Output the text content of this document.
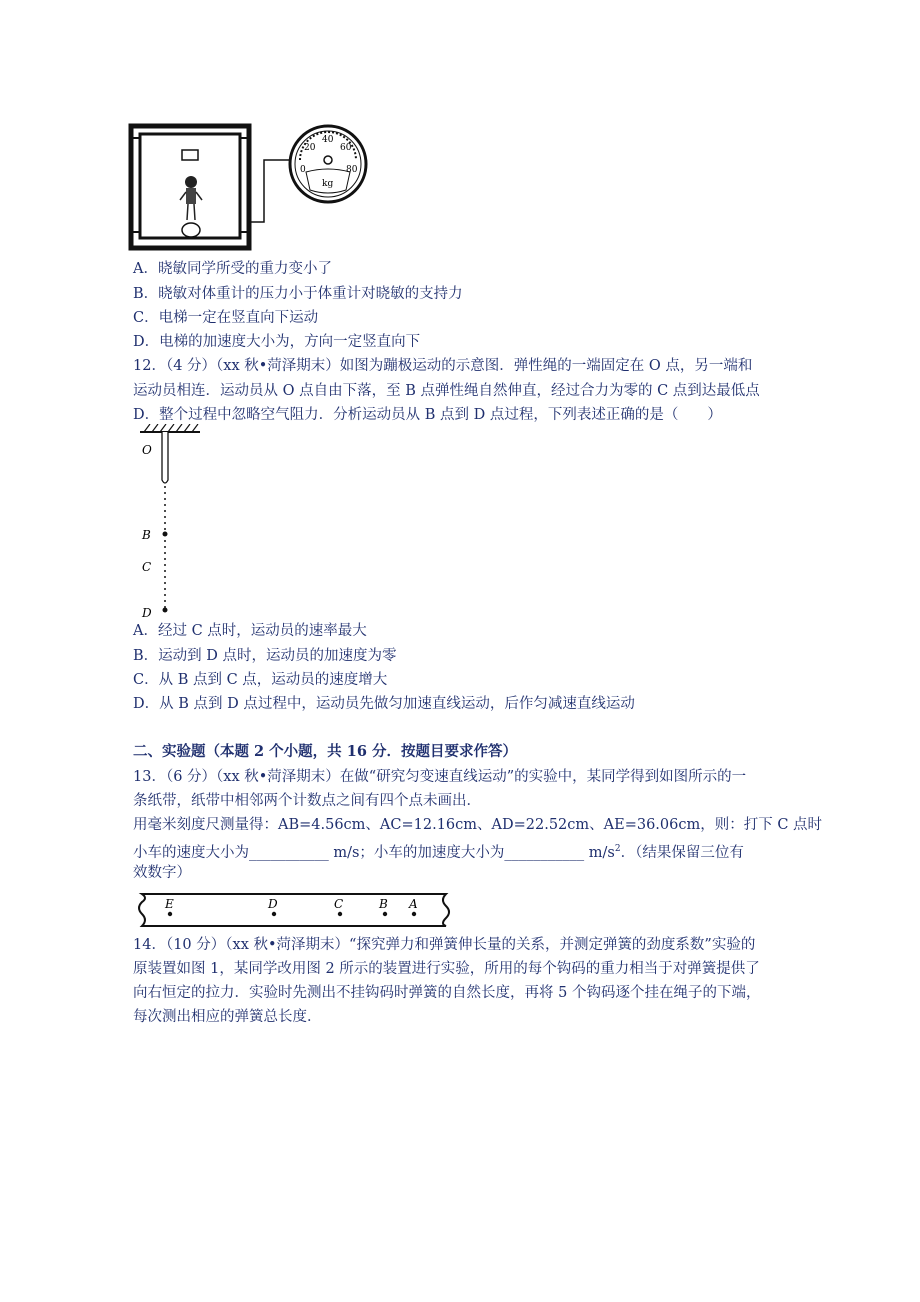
0
20
40
60
80
kg
A．晓敏同学所受的重力变小了
B．晓敏对体重计的压力小于体重计对晓敏的支持力
C．电梯一定在竖直向下运动
D．电梯的加速度大小为，方向一定竖直向下
12．（4 分）（xx 秋•菏泽期末）如图为蹦极运动的示意图．弹性绳的一端固定在 O 点，另一端和
运动员相连．运动员从 O 点自由下落，至 B 点弹性绳自然伸直，经过合力为零的 C 点到达最低点
D．整个过程中忽略空气阻力．分析运动员从 B 点到 D 点过程，下列表述正确的是（　　）
O
B
C
D
A．经过 C 点时，运动员的速率最大
B．运动到 D 点时，运动员的加速度为零
C．从 B 点到 C 点，运动员的速度增大
D．从 B 点到 D 点过程中，运动员先做匀加速直线运动，后作匀减速直线运动
二、实验题（本题 2 个小题，共 16 分．按题目要求作答）
13．（6 分）（xx 秋•菏泽期末）在做“研究匀变速直线运动”的实验中，某同学得到如图所示的一
条纸带，纸带中相邻两个计数点之间有四个点未画出．
用毫米刻度尺测量得：AB=4.56cm、AC=12.16cm、AD=22.52cm、AE=36.06cm，则：打下 C 点时
小车的速度大小为___________ m/s；小车的加速度大小为___________ $m/s^2$．（结果保留三位有
效数字）
E	D	C	B A
14．（10 分）（xx 秋•菏泽期末）“探究弹力和弹簧伸长量的关系，并测定弹簧的劲度系数”实验的
原装置如图 1，某同学改用图 2 所示的装置进行实验，所用的每个钩码的重力相当于对弹簧提供了
向右恒定的拉力．实验时先测出不挂钩码时弹簧的自然长度，再将 5 个钩码逐个挂在绳子的下端，
每次测出相应的弹簧总长度．
